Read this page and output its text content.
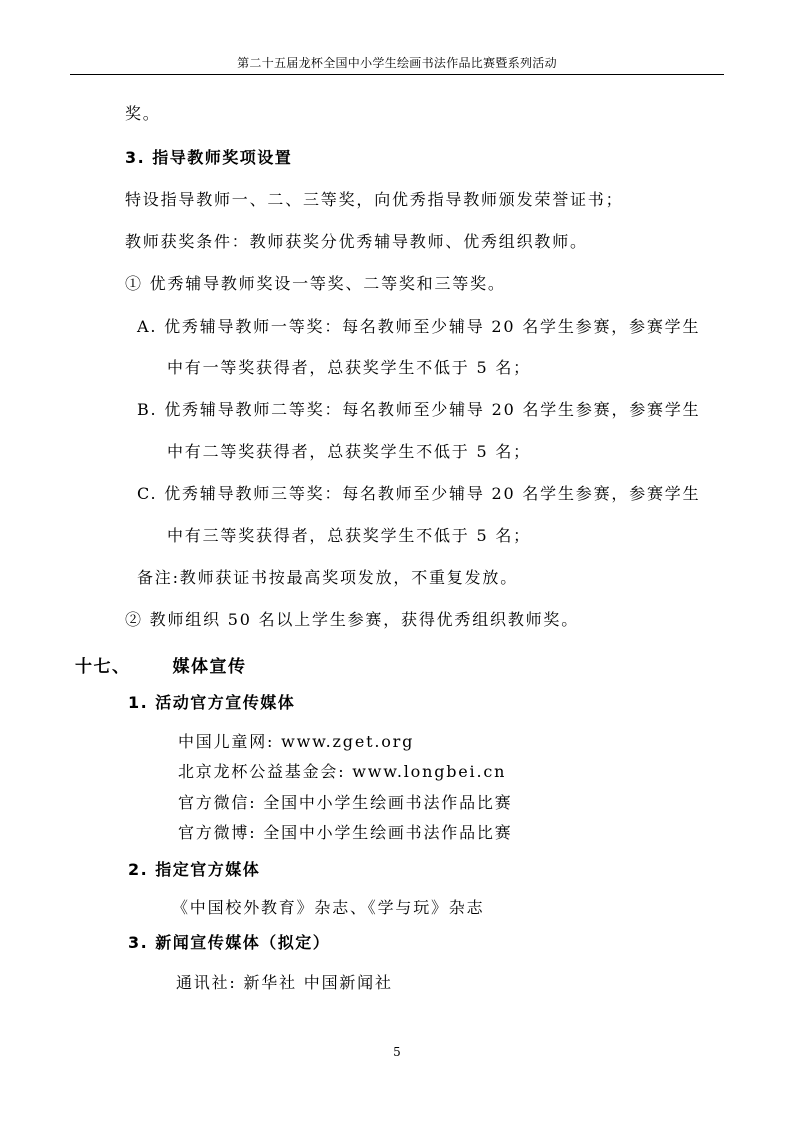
第二十五届龙杯全国中小学生绘画书法作品比赛暨系列活动
奖。
3. 指导教师奖项设置
特设指导教师一、二、三等奖，向优秀指导教师颁发荣誉证书；
教师获奖条件：教师获奖分优秀辅导教师、优秀组织教师。
① 优秀辅导教师奖设一等奖、二等奖和三等奖。
A. 优秀辅导教师一等奖：每名教师至少辅导 20 名学生参赛，参赛学生
中有一等奖获得者，总获奖学生不低于 5 名；
B. 优秀辅导教师二等奖：每名教师至少辅导 20 名学生参赛，参赛学生
中有二等奖获得者，总获奖学生不低于 5 名；
C. 优秀辅导教师三等奖：每名教师至少辅导 20 名学生参赛，参赛学生
中有三等奖获得者，总获奖学生不低于 5 名；
备注:教师获证书按最高奖项发放，不重复发放。
② 教师组织 50 名以上学生参赛，获得优秀组织教师奖。
十七、 媒体宣传
1. 活动官方宣传媒体
中国儿童网: www.zget.org
北京龙杯公益基金会: www.longbei.cn
官方微信: 全国中小学生绘画书法作品比赛
官方微博: 全国中小学生绘画书法作品比赛
2. 指定官方媒体
《中国校外教育》杂志、《学与玩》杂志
3. 新闻宣传媒体（拟定）
通讯社: 新华社 中国新闻社
5
